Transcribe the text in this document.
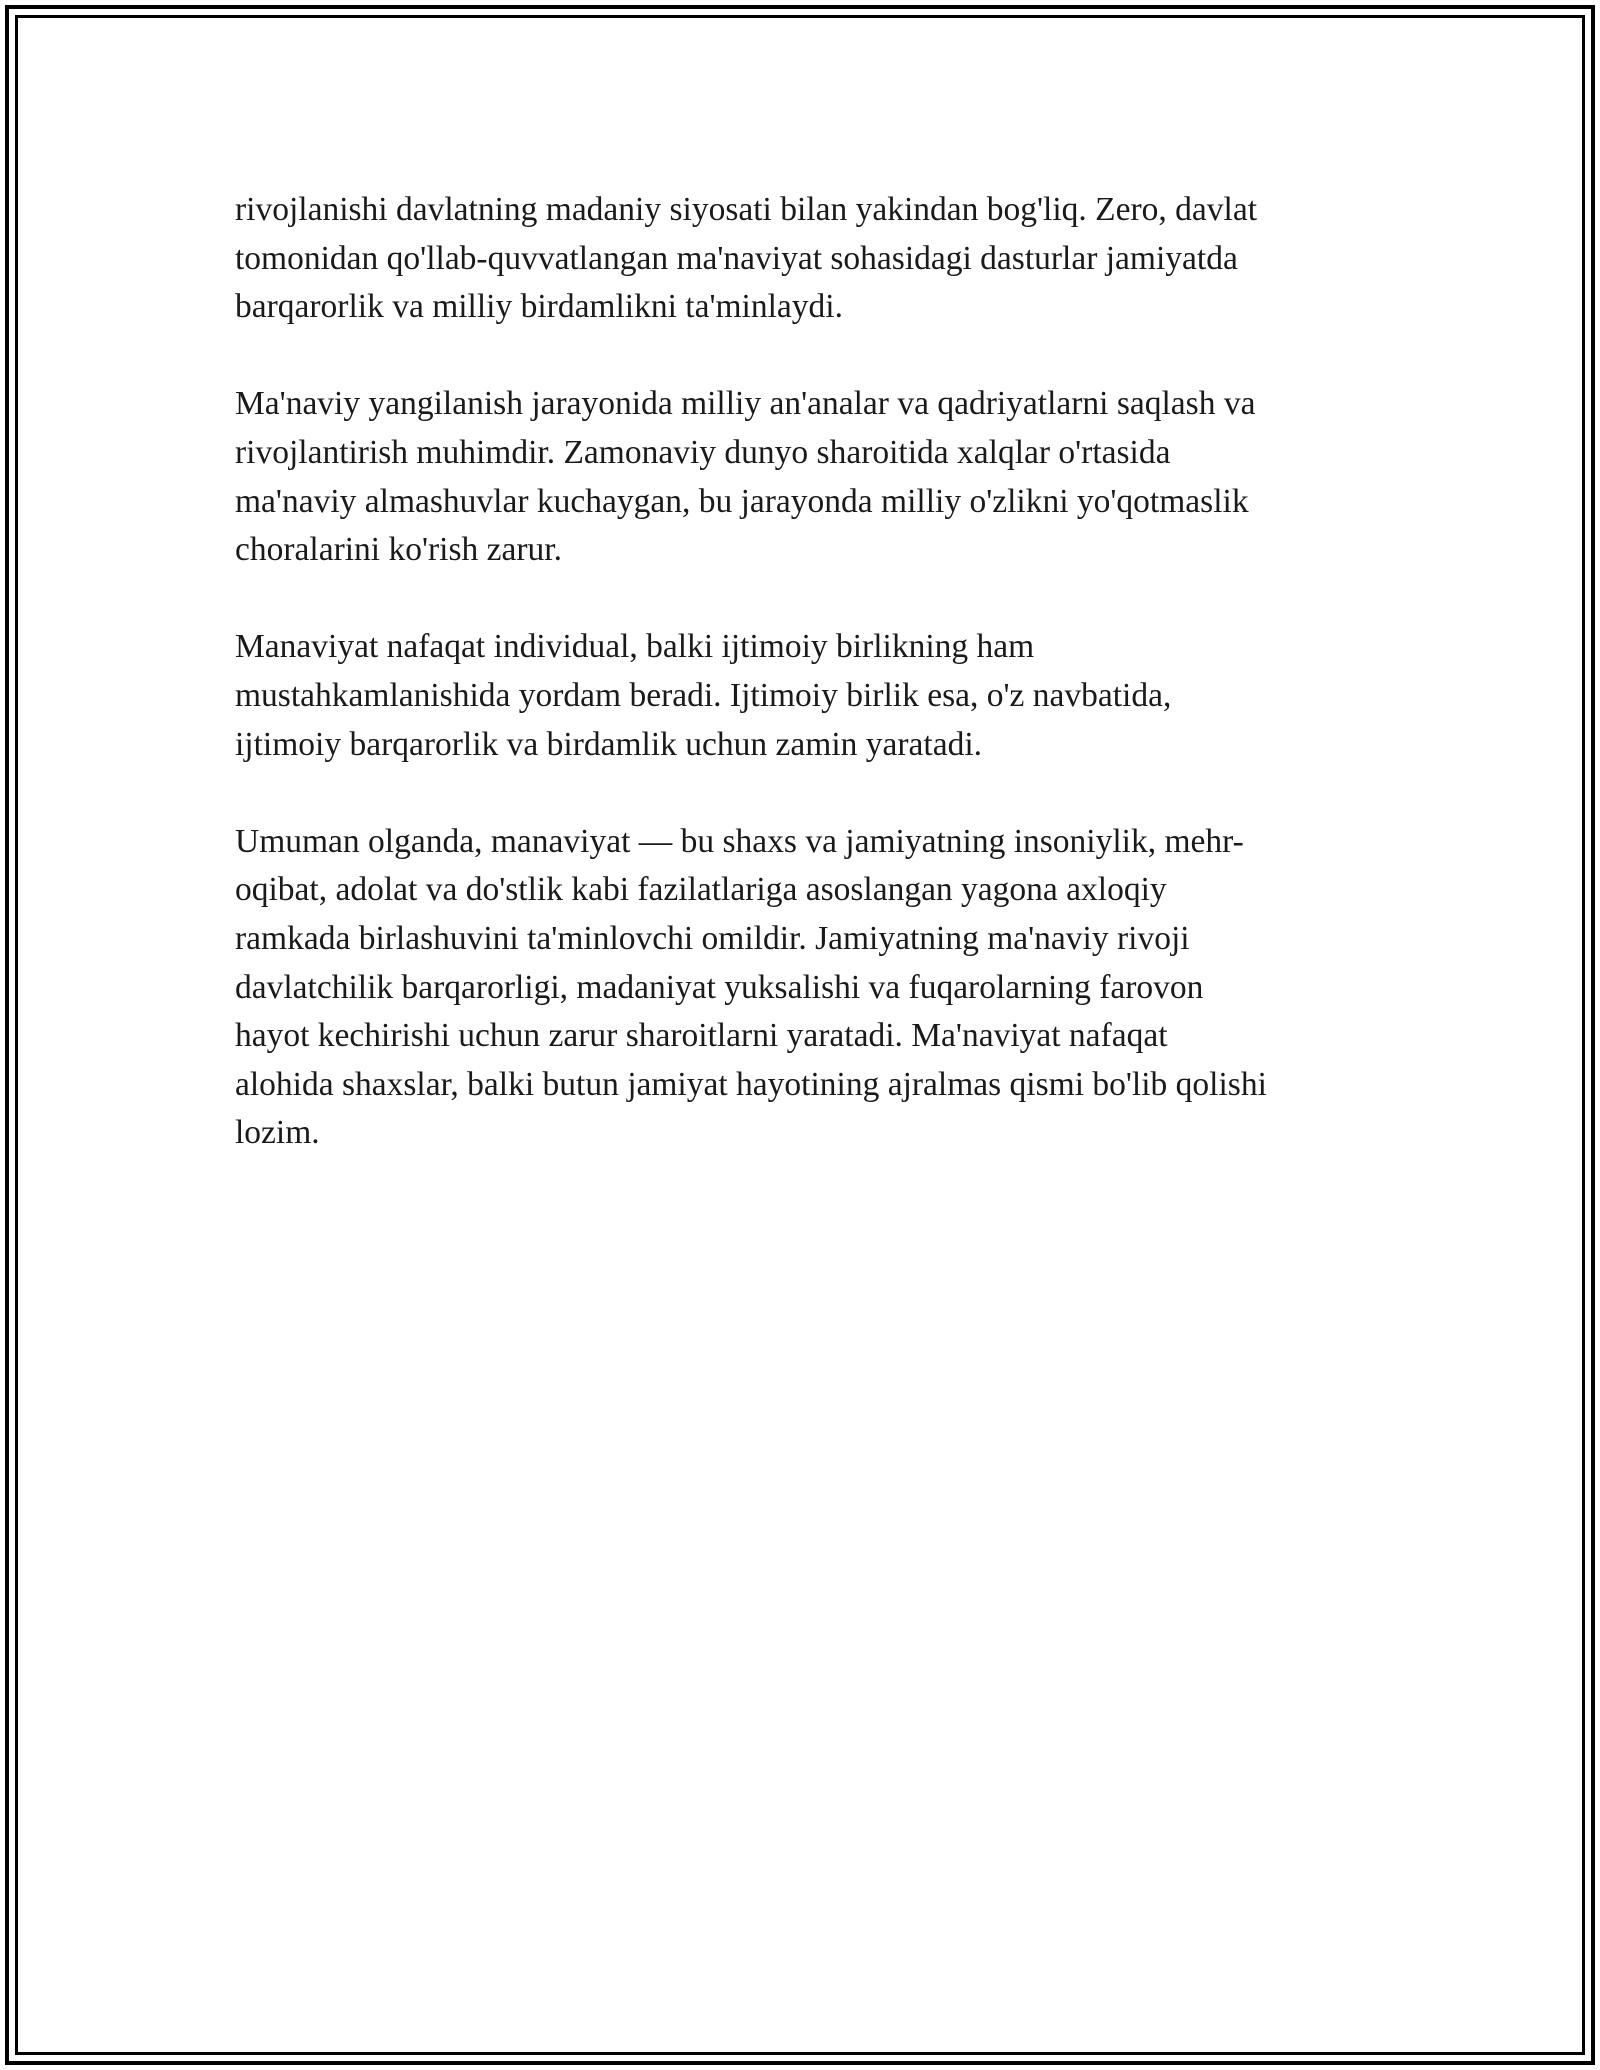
rivojlanishi davlatning madaniy siyosati bilan yakindan bog'liq. Zero, davlat
tomonidan qo'llab-quvvatlangan ma'naviyat sohasidagi dasturlar jamiyatda
barqarorlik va milliy birdamlikni ta'minlaydi.

Ma'naviy yangilanish jarayonida milliy an'analar va qadriyatlarni saqlash va
rivojlantirish muhimdir. Zamonaviy dunyo sharoitida xalqlar o'rtasida
ma'naviy almashuvlar kuchaygan, bu jarayonda milliy o'zlikni yo'qotmaslik
choralarini ko'rish zarur.

Manaviyat nafaqat individual, balki ijtimoiy birlikning ham
mustahkamlanishida yordam beradi. Ijtimoiy birlik esa, o'z navbatida,
ijtimoiy barqarorlik va birdamlik uchun zamin yaratadi.

Umuman olganda, manaviyat — bu shaxs va jamiyatning insoniylik, mehr-
oqibat, adolat va do'stlik kabi fazilatlariga asoslangan yagona axloqiy
ramkada birlashuvini ta'minlovchi omildir. Jamiyatning ma'naviy rivoji
davlatchilik barqarorligi, madaniyat yuksalishi va fuqarolarning farovon
hayot kechirishi uchun zarur sharoitlarni yaratadi. Ma'naviyat nafaqat
alohida shaxslar, balki butun jamiyat hayotining ajralmas qismi bo'lib qolishi
lozim.
